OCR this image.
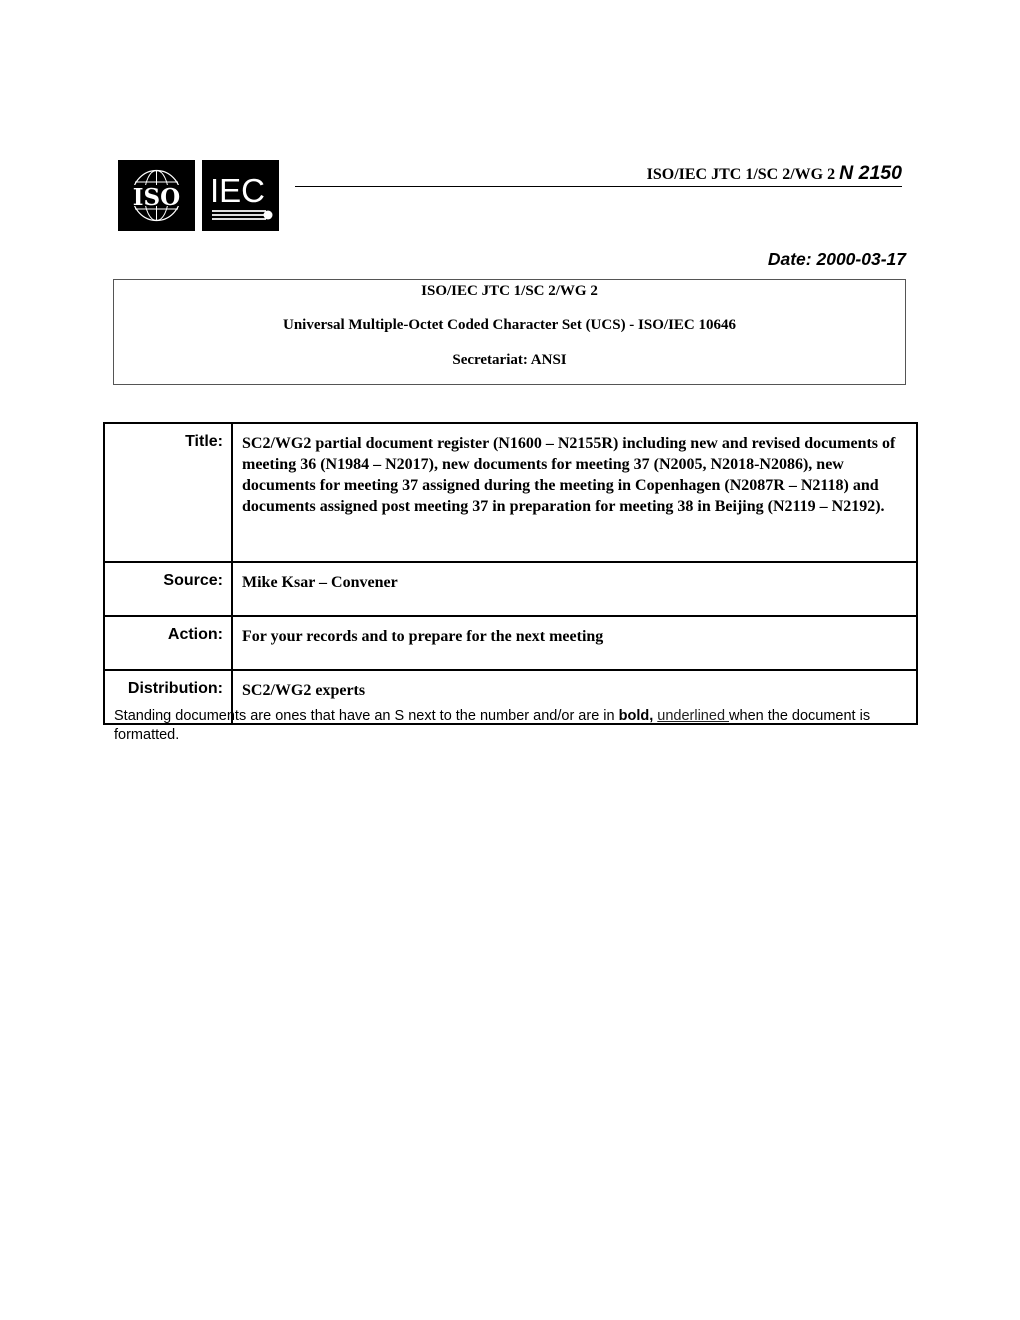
ISO IEC	ISO/IEC JTC 1/SC 2/WG 2 N 2150
Date: 2000-03-17
ISO/IEC JTC 1/SC 2/WG 2
Universal Multiple-Octet Coded Character Set (UCS) - ISO/IEC 10646
Secretariat: ANSI
Title:	SC2/WG2 partial document register (N1600 – N2155R) including new and revised documents of meeting 36 (N1984 – N2017), new documents for meeting 37 (N2005, N2018-N2086), new documents for meeting 37 assigned during the meeting in Copenhagen (N2087R – N2118) and documents assigned post meeting 37 in preparation for meeting 38 in Beijing (N2119 – N2192).
Source:	Mike Ksar – Convener
Action:	For your records and to prepare for the next meeting
Distribution:	SC2/WG2 experts
Standing documents are ones that have an S next to the number and/or are in bold, underlined when the document is formatted.
